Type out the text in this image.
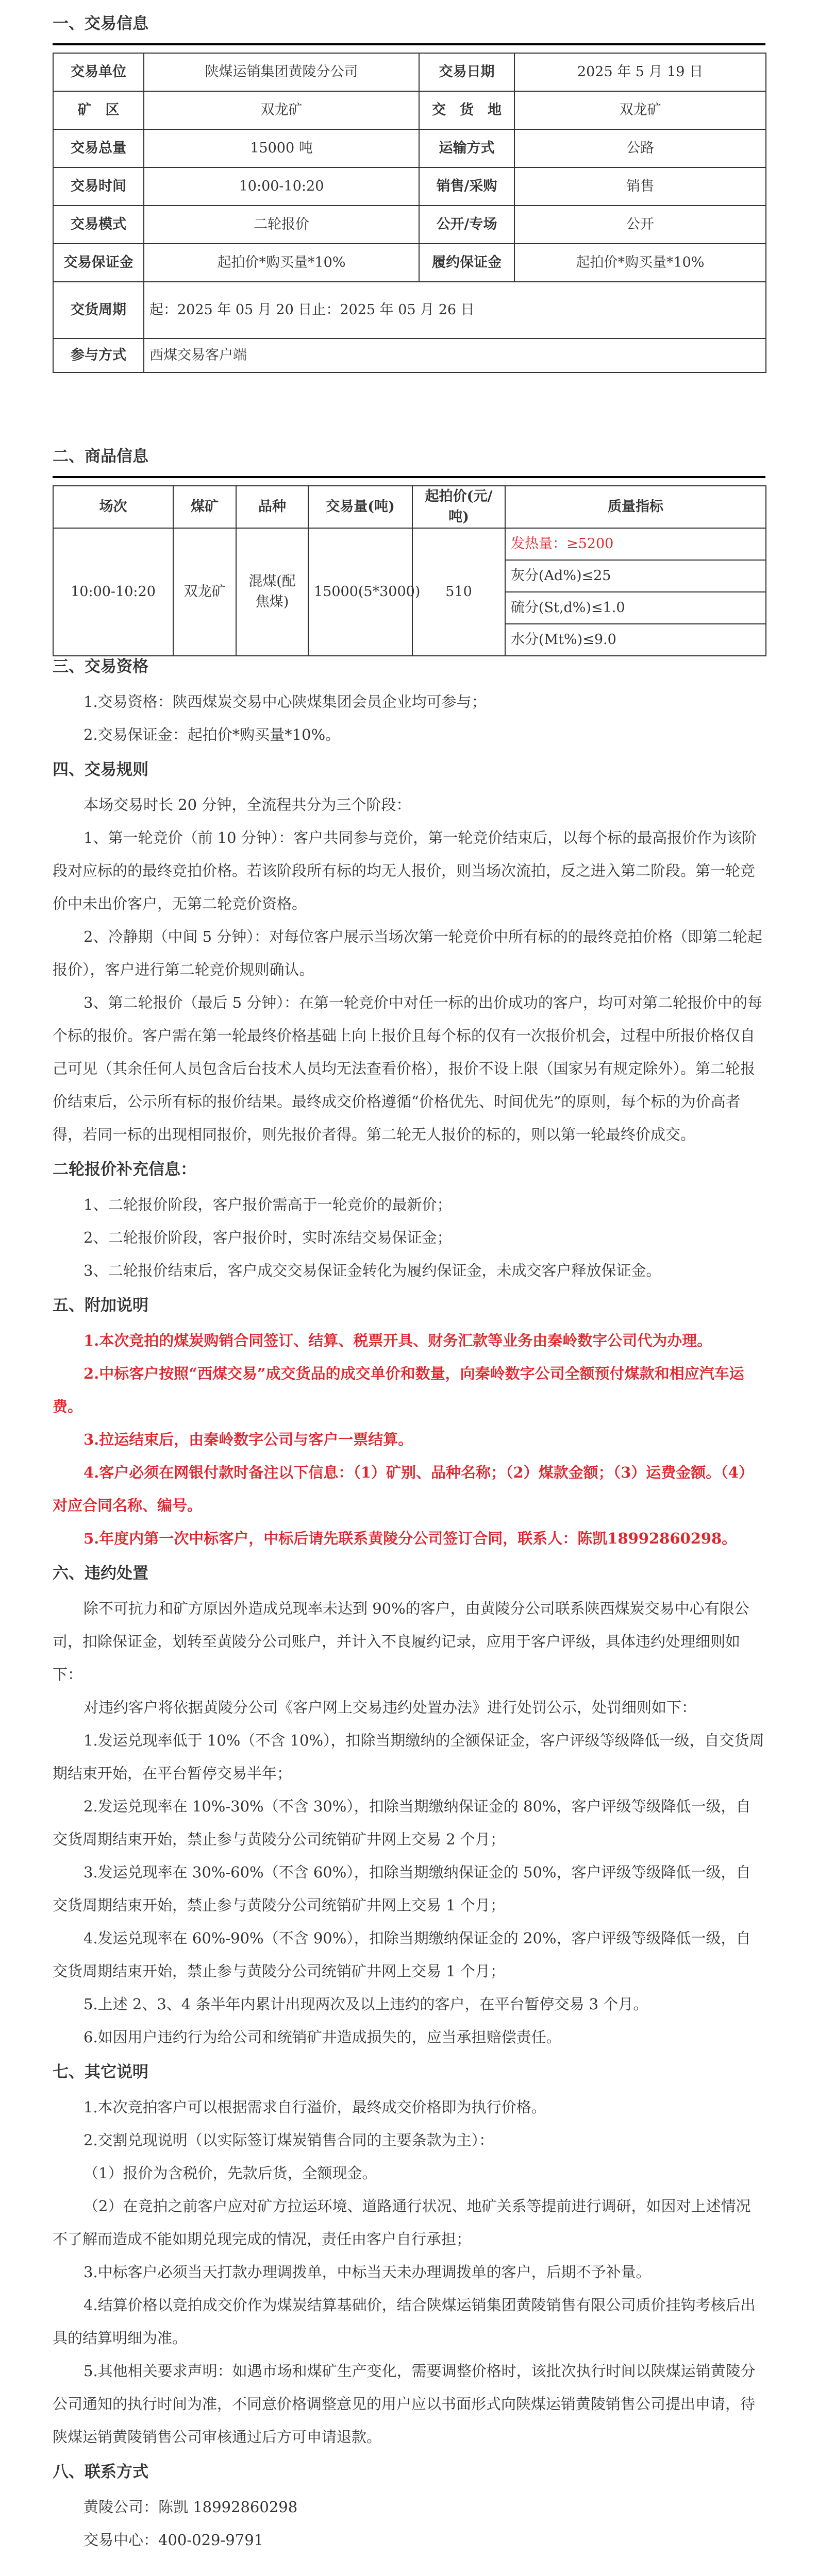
一、交易信息

交易单位	陕煤运销集团黄陵分公司	交易日期	2025 年 5 月 19 日
矿　区	双龙矿	交　货　地	双龙矿
交易总量	15000 吨	运输方式	公路
交易时间	10:00-10:20	销售/采购	销售
交易模式	二轮报价	公开/专场	公开
交易保证金	起拍价*购买量*10%	履约保证金	起拍价*购买量*10%
交货周期	起：2025 年 05 月 20 日止：2025 年 05 月 26 日		
参与方式	西煤交易客户端		

二、商品信息

场次	煤矿	品种	交易量(吨)	起拍价(元/吨)	质量指标
10:00-10:20	双龙矿	混煤(配焦煤)	15000(5*3000)	510	发热量：≥5200
					灰分(Ad%)≤25
					硫分(St,d%)≤1.0
					水分(Mt%)≤9.0

三、交易资格

1.交易资格：陕西煤炭交易中心陕煤集团会员企业均可参与；

2.交易保证金：起拍价*购买量*10%。

四、交易规则

本场交易时长 20 分钟，全流程共分为三个阶段：

1、第一轮竞价（前 10 分钟）：客户共同参与竞价，第一轮竞价结束后，以每个标的最高报价作为该阶段对应标的的最终竞拍价格。若该阶段所有标的均无人报价，则当场次流拍，反之进入第二阶段。第一轮竞价中未出价客户，无第二轮竞价资格。

2、冷静期（中间 5 分钟）：对每位客户展示当场次第一轮竞价中所有标的的最终竞拍价格（即第二轮起报价），客户进行第二轮竞价规则确认。

3、第二轮报价（最后 5 分钟）：在第一轮竞价中对任一标的出价成功的客户，均可对第二轮报价中的每个标的报价。客户需在第一轮最终价格基础上向上报价且每个标的仅有一次报价机会，过程中所报价格仅自己可见（其余任何人员包含后台技术人员均无法查看价格），报价不设上限（国家另有规定除外）。第二轮报价结束后，公示所有标的报价结果。最终成交价格遵循“价格优先、时间优先”的原则，每个标的为价高者得，若同一标的出现相同报价，则先报价者得。第二轮无人报价的标的，则以第一轮最终价成交。

二轮报价补充信息：

1、二轮报价阶段，客户报价需高于一轮竞价的最新价；

2、二轮报价阶段，客户报价时，实时冻结交易保证金；

3、二轮报价结束后，客户成交交易保证金转化为履约保证金，未成交客户释放保证金。

五、附加说明

1.本次竞拍的煤炭购销合同签订、结算、税票开具、财务汇款等业务由秦岭数字公司代为办理。

2.中标客户按照“西煤交易”成交货品的成交单价和数量，向秦岭数字公司全额预付煤款和相应汽车运费。

3.拉运结束后，由秦岭数字公司与客户一票结算。

4.客户必须在网银付款时备注以下信息：（1）矿别、品种名称；（2）煤款金额；（3）运费金额。（4）对应合同名称、编号。

5.年度内第一次中标客户，中标后请先联系黄陵分公司签订合同，联系人：陈凯18992860298。

六、违约处置

除不可抗力和矿方原因外造成兑现率未达到 90%的客户，由黄陵分公司联系陕西煤炭交易中心有限公司，扣除保证金，划转至黄陵分公司账户，并计入不良履约记录，应用于客户评级，具体违约处理细则如下：

对违约客户将依据黄陵分公司《客户网上交易违约处置办法》进行处罚公示，处罚细则如下：

1.发运兑现率低于 10%（不含 10%），扣除当期缴纳的全额保证金，客户评级等级降低一级，自交货周期结束开始，在平台暂停交易半年；

2.发运兑现率在 10%-30%（不含 30%），扣除当期缴纳保证金的 80%，客户评级等级降低一级，自交货周期结束开始，禁止参与黄陵分公司统销矿井网上交易 2 个月；

3.发运兑现率在 30%-60%（不含 60%），扣除当期缴纳保证金的 50%，客户评级等级降低一级，自交货周期结束开始，禁止参与黄陵分公司统销矿井网上交易 1 个月；

4.发运兑现率在 60%-90%（不含 90%），扣除当期缴纳保证金的 20%，客户评级等级降低一级，自交货周期结束开始，禁止参与黄陵分公司统销矿井网上交易 1 个月；

5.上述 2、3、4 条半年内累计出现两次及以上违约的客户，在平台暂停交易 3 个月。

6.如因用户违约行为给公司和统销矿井造成损失的，应当承担赔偿责任。

七、其它说明

1.本次竞拍客户可以根据需求自行溢价，最终成交价格即为执行价格。

2.交割兑现说明（以实际签订煤炭销售合同的主要条款为主）：

（1）报价为含税价，先款后货，全额现金。

（2）在竞拍之前客户应对矿方拉运环境、道路通行状况、地矿关系等提前进行调研，如因对上述情况不了解而造成不能如期兑现完成的情况，责任由客户自行承担；

3.中标客户必须当天打款办理调拨单，中标当天未办理调拨单的客户，后期不予补量。

4.结算价格以竞拍成交价作为煤炭结算基础价，结合陕煤运销集团黄陵销售有限公司质价挂钩考核后出具的结算明细为准。

5.其他相关要求声明：如遇市场和煤矿生产变化，需要调整价格时，该批次执行时间以陕煤运销黄陵分公司通知的执行时间为准，不同意价格调整意见的用户应以书面形式向陕煤运销黄陵销售公司提出申请，待陕煤运销黄陵销售公司审核通过后方可申请退款。

八、联系方式

黄陵公司：陈凯 18992860298

交易中心：400-029-9791
